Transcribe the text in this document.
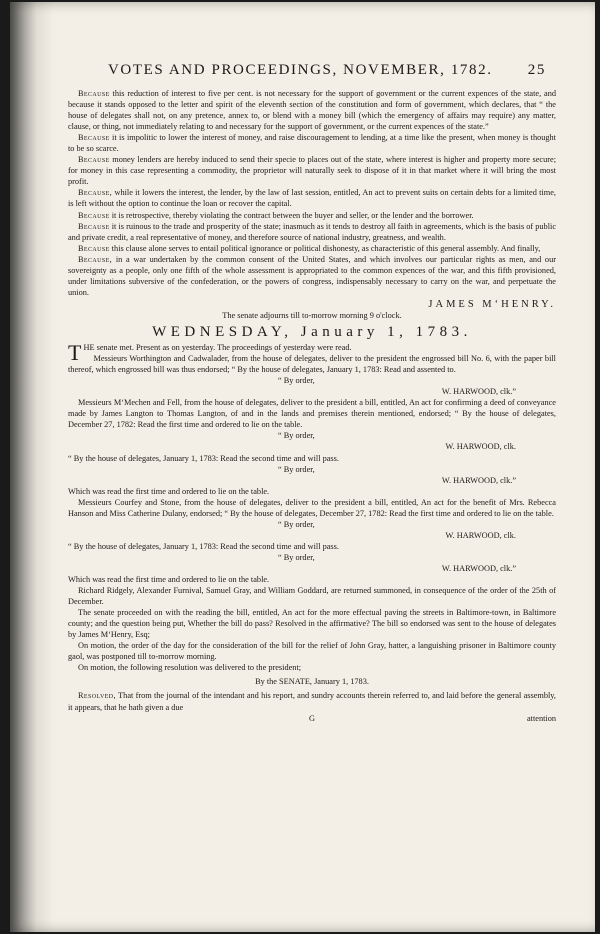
VOTES AND PROCEEDINGS, NOVEMBER, 1782. 25

Because this reduction of interest to five per cent. is not necessary for the support of government or the current expences of the state, and because it stands opposed to the letter and spirit of the eleventh section of the constitution and form of government, which declares, that “ the house of delegates shall not, on any pretence, annex to, or blend with a money bill (which the emergency of affairs may require) any matter, clause, or thing, not immediately relating to and necessary for the support of government, or the current expences of the state.”

Because it is impolitic to lower the interest of money, and raise discouragement to lending, at a time like the present, when money is thought to be so scarce.

Because money lenders are hereby induced to send their specie to places out of the state, where interest is higher and property more secure; for money in this case representing a commodity, the proprietor will naturally seek to dispose of it in that market where it will bring the most profit.

Because, while it lowers the interest, the lender, by the law of last session, entitled, An act to prevent suits on certain debts for a limited time, is left without the option to continue the loan or recover the capital.

Because it is retrospective, thereby violating the contract between the buyer and seller, or the lender and the borrower.

Because it is ruinous to the trade and prosperity of the state; inasmuch as it tends to destroy all faith in agreements, which is the basis of public and private credit, a real representative of money, and therefore source of national industry, greatness, and wealth.

Because this clause alone serves to entail political ignorance or political dishonesty, as characteristic of this general assembly. And finally,

Because, in a war undertaken by the common consent of the United States, and which involves our particular rights as men, and our sovereignty as a people, only one fifth of the whole assessment is appropriated to the common expences of the war, and this fifth provisioned, under limitations subversive of the confederation, or the powers of congress, indispensably necessary to carry on the war, and perpetuate the union.

JAMES M‘HENRY.

The senate adjourns till to-morrow morning 9 o'clock.

WEDNESDAY, January 1, 1783.

THE senate met. Present as on yesterday. The proceedings of yesterday were read.

Messieurs Worthington and Cadwalader, from the house of delegates, deliver to the president the engrossed bill No. 6, with the paper bill thereof, which engrossed bill was thus endorsed; “ By the house of delegates, January 1, 1783: Read and assented to.

“ By order,

W. HARWOOD, clk.”

Messieurs M‘Mechen and Fell, from the house of delegates, deliver to the president a bill, entitled, An act for confirming a deed of conveyance made by James Langton to Thomas Langton, of and in the lands and premises therein mentioned, endorsed; “ By the house of delegates, December 27, 1782: Read the first time and ordered to lie on the table.

“ By order,

W. HARWOOD, clk.

“ By the house of delegates, January 1, 1783: Read the second time and will pass.

“ By order,

W. HARWOOD, clk.”

Which was read the first time and ordered to lie on the table.

Messieurs Courfey and Stone, from the house of delegates, deliver to the president a bill, entitled, An act for the benefit of Mrs. Rebecca Hanson and Miss Catherine Dulany, endorsed; “ By the house of delegates, December 27, 1782: Read the first time and ordered to lie on the table.

“ By order,

W. HARWOOD, clk.

“ By the house of delegates, January 1, 1783: Read the second time and will pass.

“ By order,

W. HARWOOD, clk.”

Which was read the first time and ordered to lie on the table.

Richard Ridgely, Alexander Furnival, Samuel Gray, and William Goddard, are returned summoned, in consequence of the order of the 25th of December.

The senate proceeded on with the reading the bill, entitled, An act for the more effectual paving the streets in Baltimore-town, in Baltimore county; and the question being put, Whether the bill do pass? Resolved in the affirmative? The bill so endorsed was sent to the house of delegates by James M‘Henry, Esq;

On motion, the order of the day for the consideration of the bill for the relief of John Gray, hatter, a languishing prisoner in Baltimore county gaol, was postponed till to-morrow morning.

On motion, the following resolution was delivered to the president;

By the SENATE, January 1, 1783.

Resolved, That from the journal of the intendant and his report, and sundry accounts therein referred to, and laid before the general assembly, it appears, that he hath given a due

G	attention
